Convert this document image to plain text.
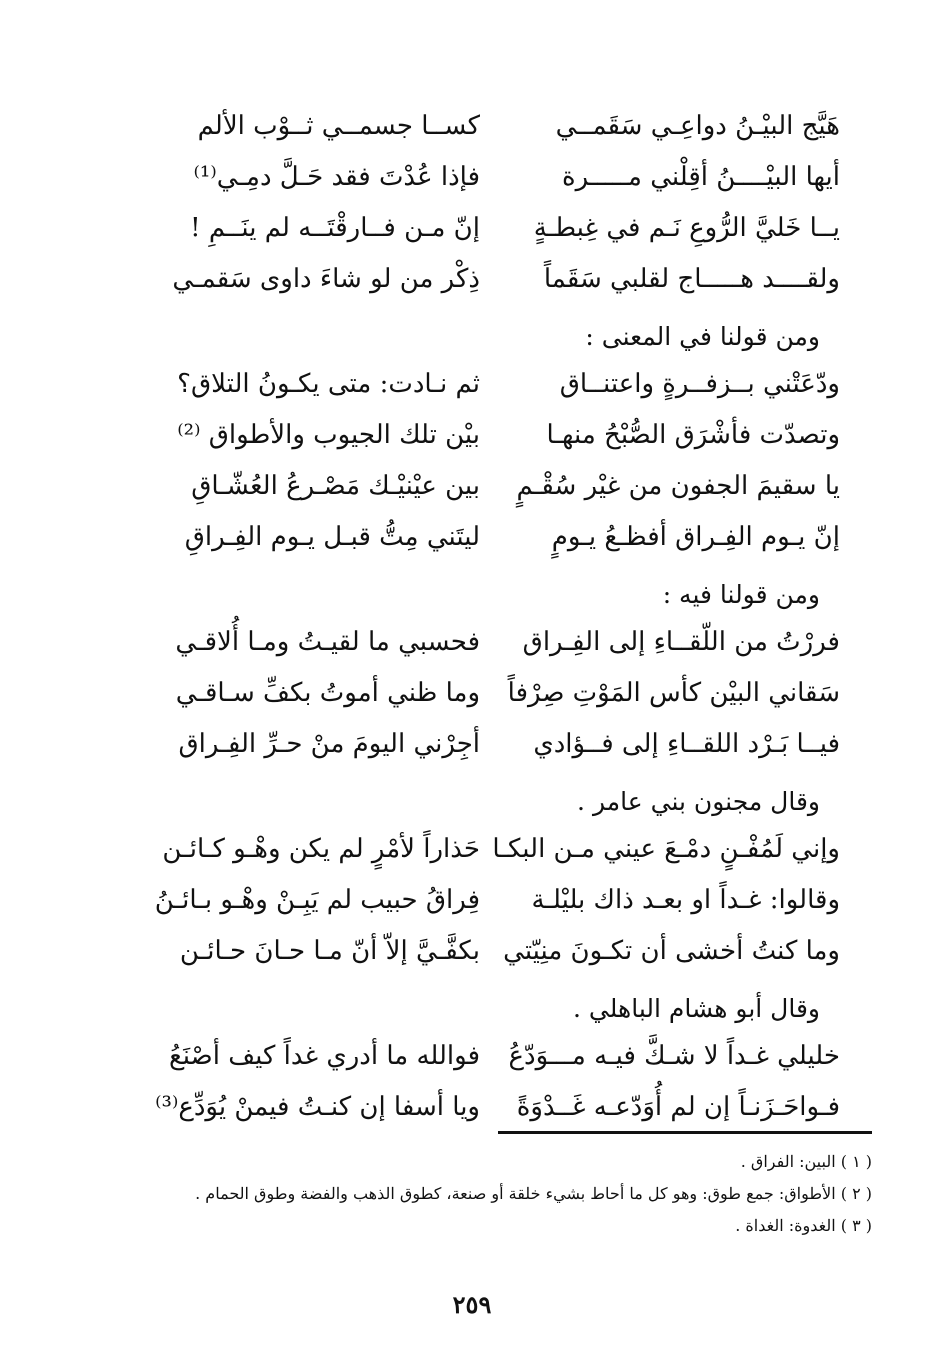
هَيَّج البيْـنُ دواعِـي سَقَمــي
كســا جسمــي ثــوْب الألم
أيها البيْــــنُ أقِلْني مـــــرة
فإذا عُدْتَ فقد حَـلَّ دمِـي⁽¹⁾
يــا خَليَّ الرُّوعِ نَـم في غِبطـةٍ
إنّ مـن فــارقْتَــه لم ينَــمِ !
ولقــــد هـــــاج لقلبي سَقَماً
ذِكْر من لو شاءَ داوى سَقمـي
ومن قولنا في المعنى :
ودّعَتْني بــزفــرةٍ واعتنــاق
ثم نـادت: متى يكـونُ التلاق؟
وتصدّت فأشْرَق الصُّبْحُ منهـا
بيْن تلك الجيوب والأطواق ⁽²⁾
يا سقيمَ الجفون من غيْر سُقْـمٍ
بين عيْنيْـك مَصْـرعُ العُشّـاقِ
إنّ يـوم الفِـراق أفظـعُ يـومٍ
ليتَني مِتُّ قبـل يـوم الفِـراقِ
ومن قولنا فيه :
فررْتُ من اللّقــاءِ إلى الفِـراق
فحسبي ما لقيـتُ ومـا أُلاقـي
سَقاني البيْن كأس المَوْتِ صِرْفاً
وما ظني أموتُ بكفِّ سـاقـي
فيــا بَـرْد اللقــاءِ إلى فــؤادي
أجِرْني اليومَ منْ حـرِّ الفِـراق
وقال مجنون بني عامر .
وإني لَمُفْـنٍ دمْـعَ عيني مـن البكـا
حَذاراً لأمْرٍ لم يكن وهْـو كـائـن
وقالوا: غـداً او بعـد ذاك بليْلـة
فِراقُ حبيب لم يَبِـنْ وهْـو بـائـنُ
وما كنتُ أخشى أن تكـونَ منِيّتي
بكفَّـيَّ إلاّ أنّ مـا حـانَ حـائـن
وقال أبو هشام الباهلي .
خليلي غـداً لا شـكَّ فيـه مـــوَدّعُ
فوالله ما أدري غداً كيف أصْنَعُ
فـواحَـزَنـاً إن لم أُوَدّعـه غَــدْوَةً
ويا أسفا إن كنـتُ فيمنْ يُوَدِّع⁽³⁾
( ١ ) البين: الفراق .
( ٢ ) الأطواق: جمع طوق: وهو كل ما أحاط بشيء خلقة أو صنعة، كطوق الذهب والفضة وطوق الحمام .
( ٣ ) الغدوة: الغداة .
٢٥٩
